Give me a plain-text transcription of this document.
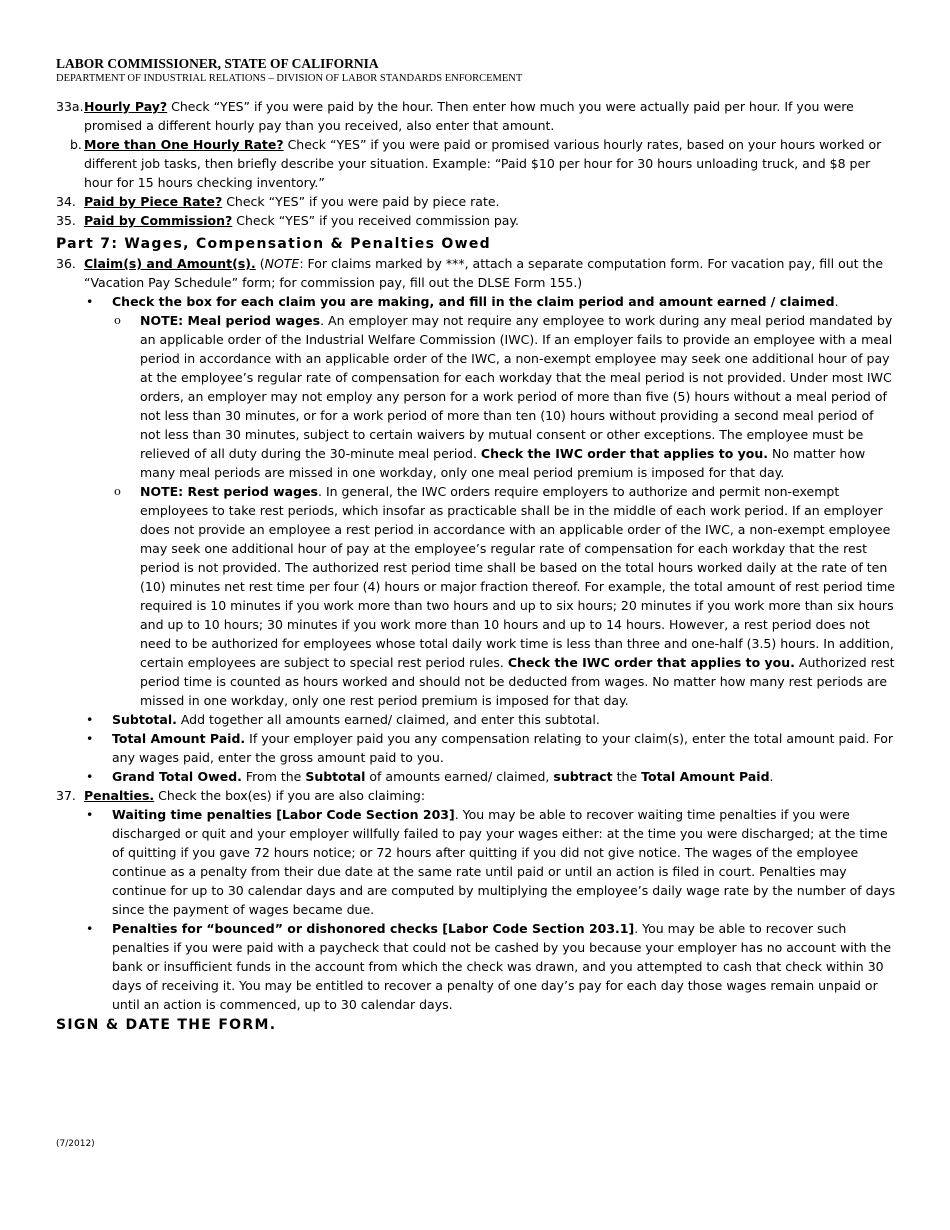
LABOR COMMISSIONER, STATE OF CALIFORNIA
DEPARTMENT OF INDUSTRIAL RELATIONS – DIVISION OF LABOR STANDARDS ENFORCEMENT
33a. Hourly Pay? Check “YES” if you were paid by the hour. Then enter how much you were actually paid per hour. If you were promised a different hourly pay than you received, also enter that amount.
b. More than One Hourly Rate? Check “YES” if you were paid or promised various hourly rates, based on your hours worked or different job tasks, then briefly describe your situation. Example: “Paid $10 per hour for 30 hours unloading truck, and $8 per hour for 15 hours checking inventory.”
34. Paid by Piece Rate? Check “YES” if you were paid by piece rate.
35. Paid by Commission? Check “YES” if you received commission pay.
Part 7: Wages, Compensation & Penalties Owed
36. Claim(s) and Amount(s). (NOTE: For claims marked by ***, attach a separate computation form. For vacation pay, fill out the “Vacation Pay Schedule” form; for commission pay, fill out the DLSE Form 155.)
• Check the box for each claim you are making, and fill in the claim period and amount earned / claimed.
o NOTE: Meal period wages. An employer may not require any employee to work during any meal period mandated by an applicable order of the Industrial Welfare Commission (IWC). If an employer fails to provide an employee with a meal period in accordance with an applicable order of the IWC, a non-exempt employee may seek one additional hour of pay at the employee’s regular rate of compensation for each workday that the meal period is not provided. Under most IWC orders, an employer may not employ any person for a work period of more than five (5) hours without a meal period of not less than 30 minutes, or for a work period of more than ten (10) hours without providing a second meal period of not less than 30 minutes, subject to certain waivers by mutual consent or other exceptions. The employee must be relieved of all duty during the 30-minute meal period. Check the IWC order that applies to you. No matter how many meal periods are missed in one workday, only one meal period premium is imposed for that day.
o NOTE: Rest period wages. In general, the IWC orders require employers to authorize and permit non-exempt employees to take rest periods, which insofar as practicable shall be in the middle of each work period. If an employer does not provide an employee a rest period in accordance with an applicable order of the IWC, a non-exempt employee may seek one additional hour of pay at the employee’s regular rate of compensation for each workday that the rest period is not provided. The authorized rest period time shall be based on the total hours worked daily at the rate of ten (10) minutes net rest time per four (4) hours or major fraction thereof. For example, the total amount of rest period time required is 10 minutes if you work more than two hours and up to six hours; 20 minutes if you work more than six hours and up to 10 hours; 30 minutes if you work more than 10 hours and up to 14 hours. However, a rest period does not need to be authorized for employees whose total daily work time is less than three and one-half (3.5) hours. In addition, certain employees are subject to special rest period rules. Check the IWC order that applies to you. Authorized rest period time is counted as hours worked and should not be deducted from wages. No matter how many rest periods are missed in one workday, only one rest period premium is imposed for that day.
• Subtotal. Add together all amounts earned/ claimed, and enter this subtotal.
• Total Amount Paid. If your employer paid you any compensation relating to your claim(s), enter the total amount paid. For any wages paid, enter the gross amount paid to you.
• Grand Total Owed. From the Subtotal of amounts earned/ claimed, subtract the Total Amount Paid.
37. Penalties. Check the box(es) if you are also claiming:
• Waiting time penalties [Labor Code Section 203]. You may be able to recover waiting time penalties if you were discharged or quit and your employer willfully failed to pay your wages either: at the time you were discharged; at the time of quitting if you gave 72 hours notice; or 72 hours after quitting if you did not give notice. The wages of the employee continue as a penalty from their due date at the same rate until paid or until an action is filed in court. Penalties may continue for up to 30 calendar days and are computed by multiplying the employee’s daily wage rate by the number of days since the payment of wages became due.
• Penalties for “bounced” or dishonored checks [Labor Code Section 203.1]. You may be able to recover such penalties if you were paid with a paycheck that could not be cashed by you because your employer has no account with the bank or insufficient funds in the account from which the check was drawn, and you attempted to cash that check within 30 days of receiving it. You may be entitled to recover a penalty of one day’s pay for each day those wages remain unpaid or until an action is commenced, up to 30 calendar days.
SIGN & DATE THE FORM.
(7/2012)
